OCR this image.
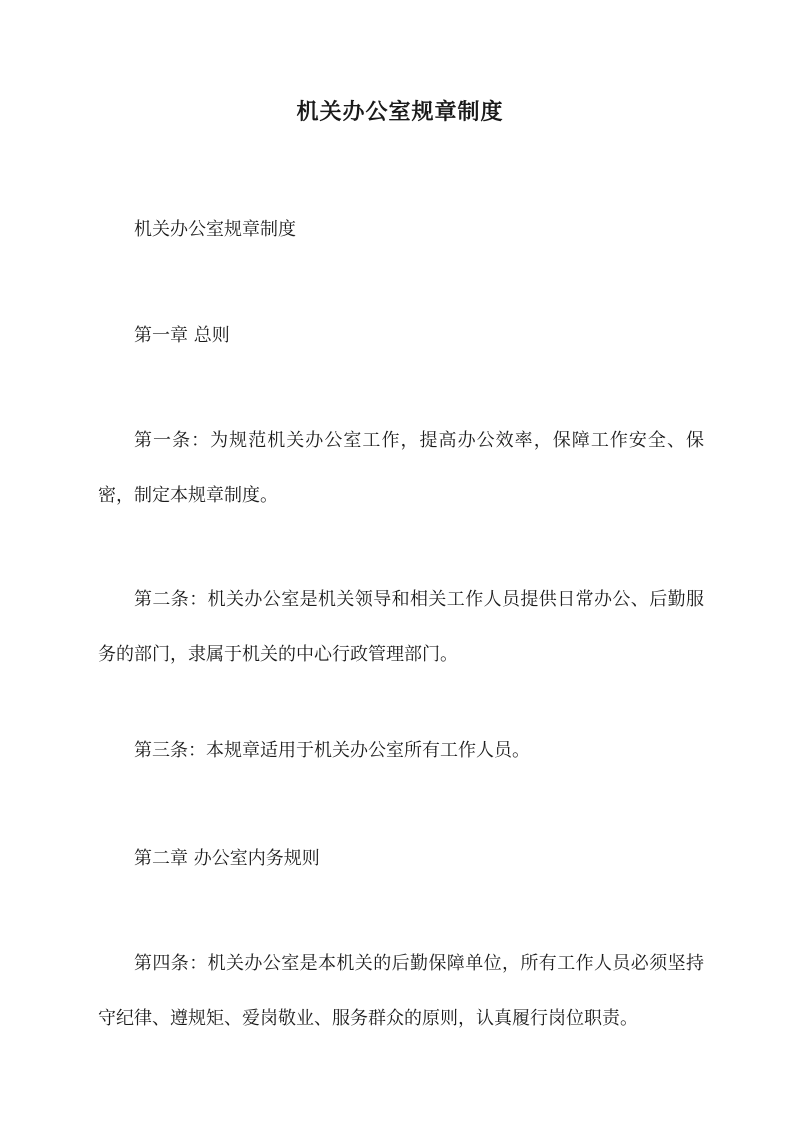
机关办公室规章制度

机关办公室规章制度

第一章 总则

第一条：为规范机关办公室工作，提高办公效率，保障工作安全、保密，制定本规章制度。

第二条：机关办公室是机关领导和相关工作人员提供日常办公、后勤服务的部门，隶属于机关的中心行政管理部门。

第三条：本规章适用于机关办公室所有工作人员。

第二章 办公室内务规则

第四条：机关办公室是本机关的后勤保障单位，所有工作人员必须坚持守纪律、遵规矩、爱岗敬业、服务群众的原则，认真履行岗位职责。
